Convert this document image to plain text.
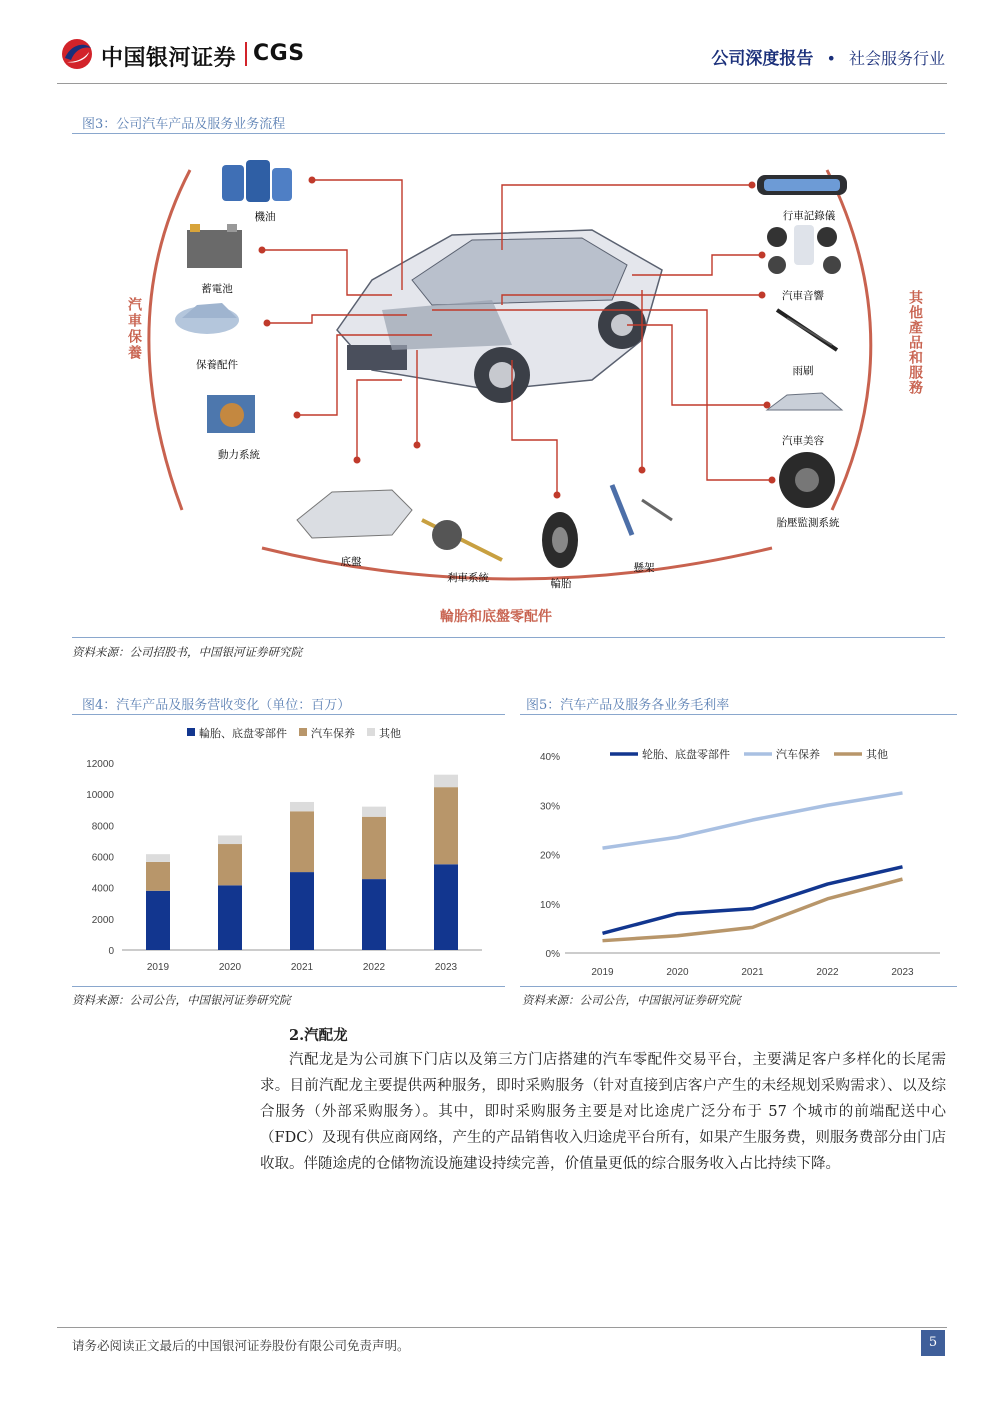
中国银河证券 CGS	公司深度报告 • 社会服务行业
图3：公司汽车产品及服务业务流程
機油
蓄電池
保養配件
動力系統
行車記錄儀
汽車音響
雨刷
汽車美容
胎壓監測系統
底盤
剎車系統	輪胎
懸架
汽車保養	其他產品和服務
輪胎和底盤零配件
资料来源：公司招股书，中国银河证券研究院
图4：汽车产品及服务营收变化（单位：百万）
0
2000
4000
6000
8000
10000
12000
2019	2020	2021	2022	2023
輪胎、底盘零部件 汽车保养 其他
资料来源：公司公告，中国银河证券研究院
图5：汽车产品及服务各业务毛利率
0%
10%
20%
30%
40%
2019	2020	2021	2022	2023
轮胎、底盘零部件	汽车保养	其他
资料来源：公司公告，中国银河证券研究院
2.汽配龙
汽配龙是为公司旗下门店以及第三方门店搭建的汽车零配件交易平台，主要满足客户多样化的长尾需求。目前汽配龙主要提供两种服务，即时采购服务（针对直接到店客户产生的未经规划采购需求）、以及综合服务（外部采购服务）。其中，即时采购服务主要是对比途虎广泛分布于 57 个城市的前端配送中心（FDC）及现有供应商网络，产生的产品销售收入归途虎平台所有，如果产生服务费，则服务费部分由门店收取。伴随途虎的仓储物流设施建设持续完善，价值量更低的综合服务收入占比持续下降。
请务必阅读正文最后的中国银河证券股份有限公司免责声明。	5
